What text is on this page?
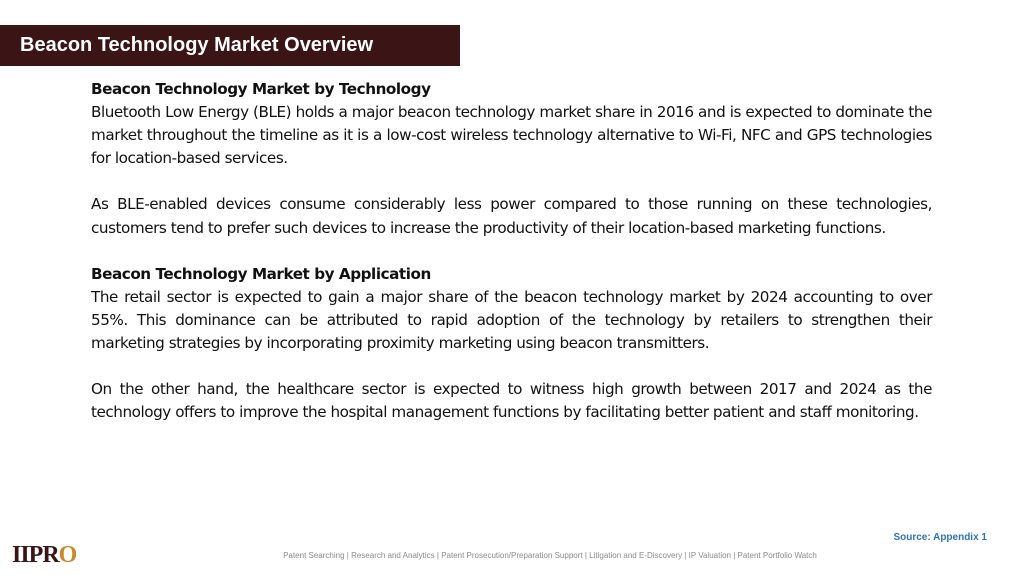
Beacon Technology Market Overview
Beacon Technology Market by Technology

Bluetooth Low Energy (BLE) holds a major beacon technology market share in 2016 and is expected to dominate the market throughout the timeline as it is a low-cost wireless technology alternative to Wi-Fi, NFC and GPS technologies for location-based services.

As BLE-enabled devices consume considerably less power compared to those running on these technologies, customers tend to prefer such devices to increase the productivity of their location-based marketing functions.

Beacon Technology Market by Application

The retail sector is expected to gain a major share of the beacon technology market by 2024 accounting to over 55%. This dominance can be attributed to rapid adoption of the technology by retailers to strengthen their marketing strategies by incorporating proximity marketing using beacon transmitters.

On the other hand, the healthcare sector is expected to witness high growth between 2017 and 2024 as the technology offers to improve the hospital management functions by facilitating better patient and staff monitoring.

Source: Appendix 1
IIPRO	Patent Searching | Research and Analytics | Patent Prosecution/Preparation Support | Litigation and E-Discovery | IP Valuation | Patent Portfolio Watch
